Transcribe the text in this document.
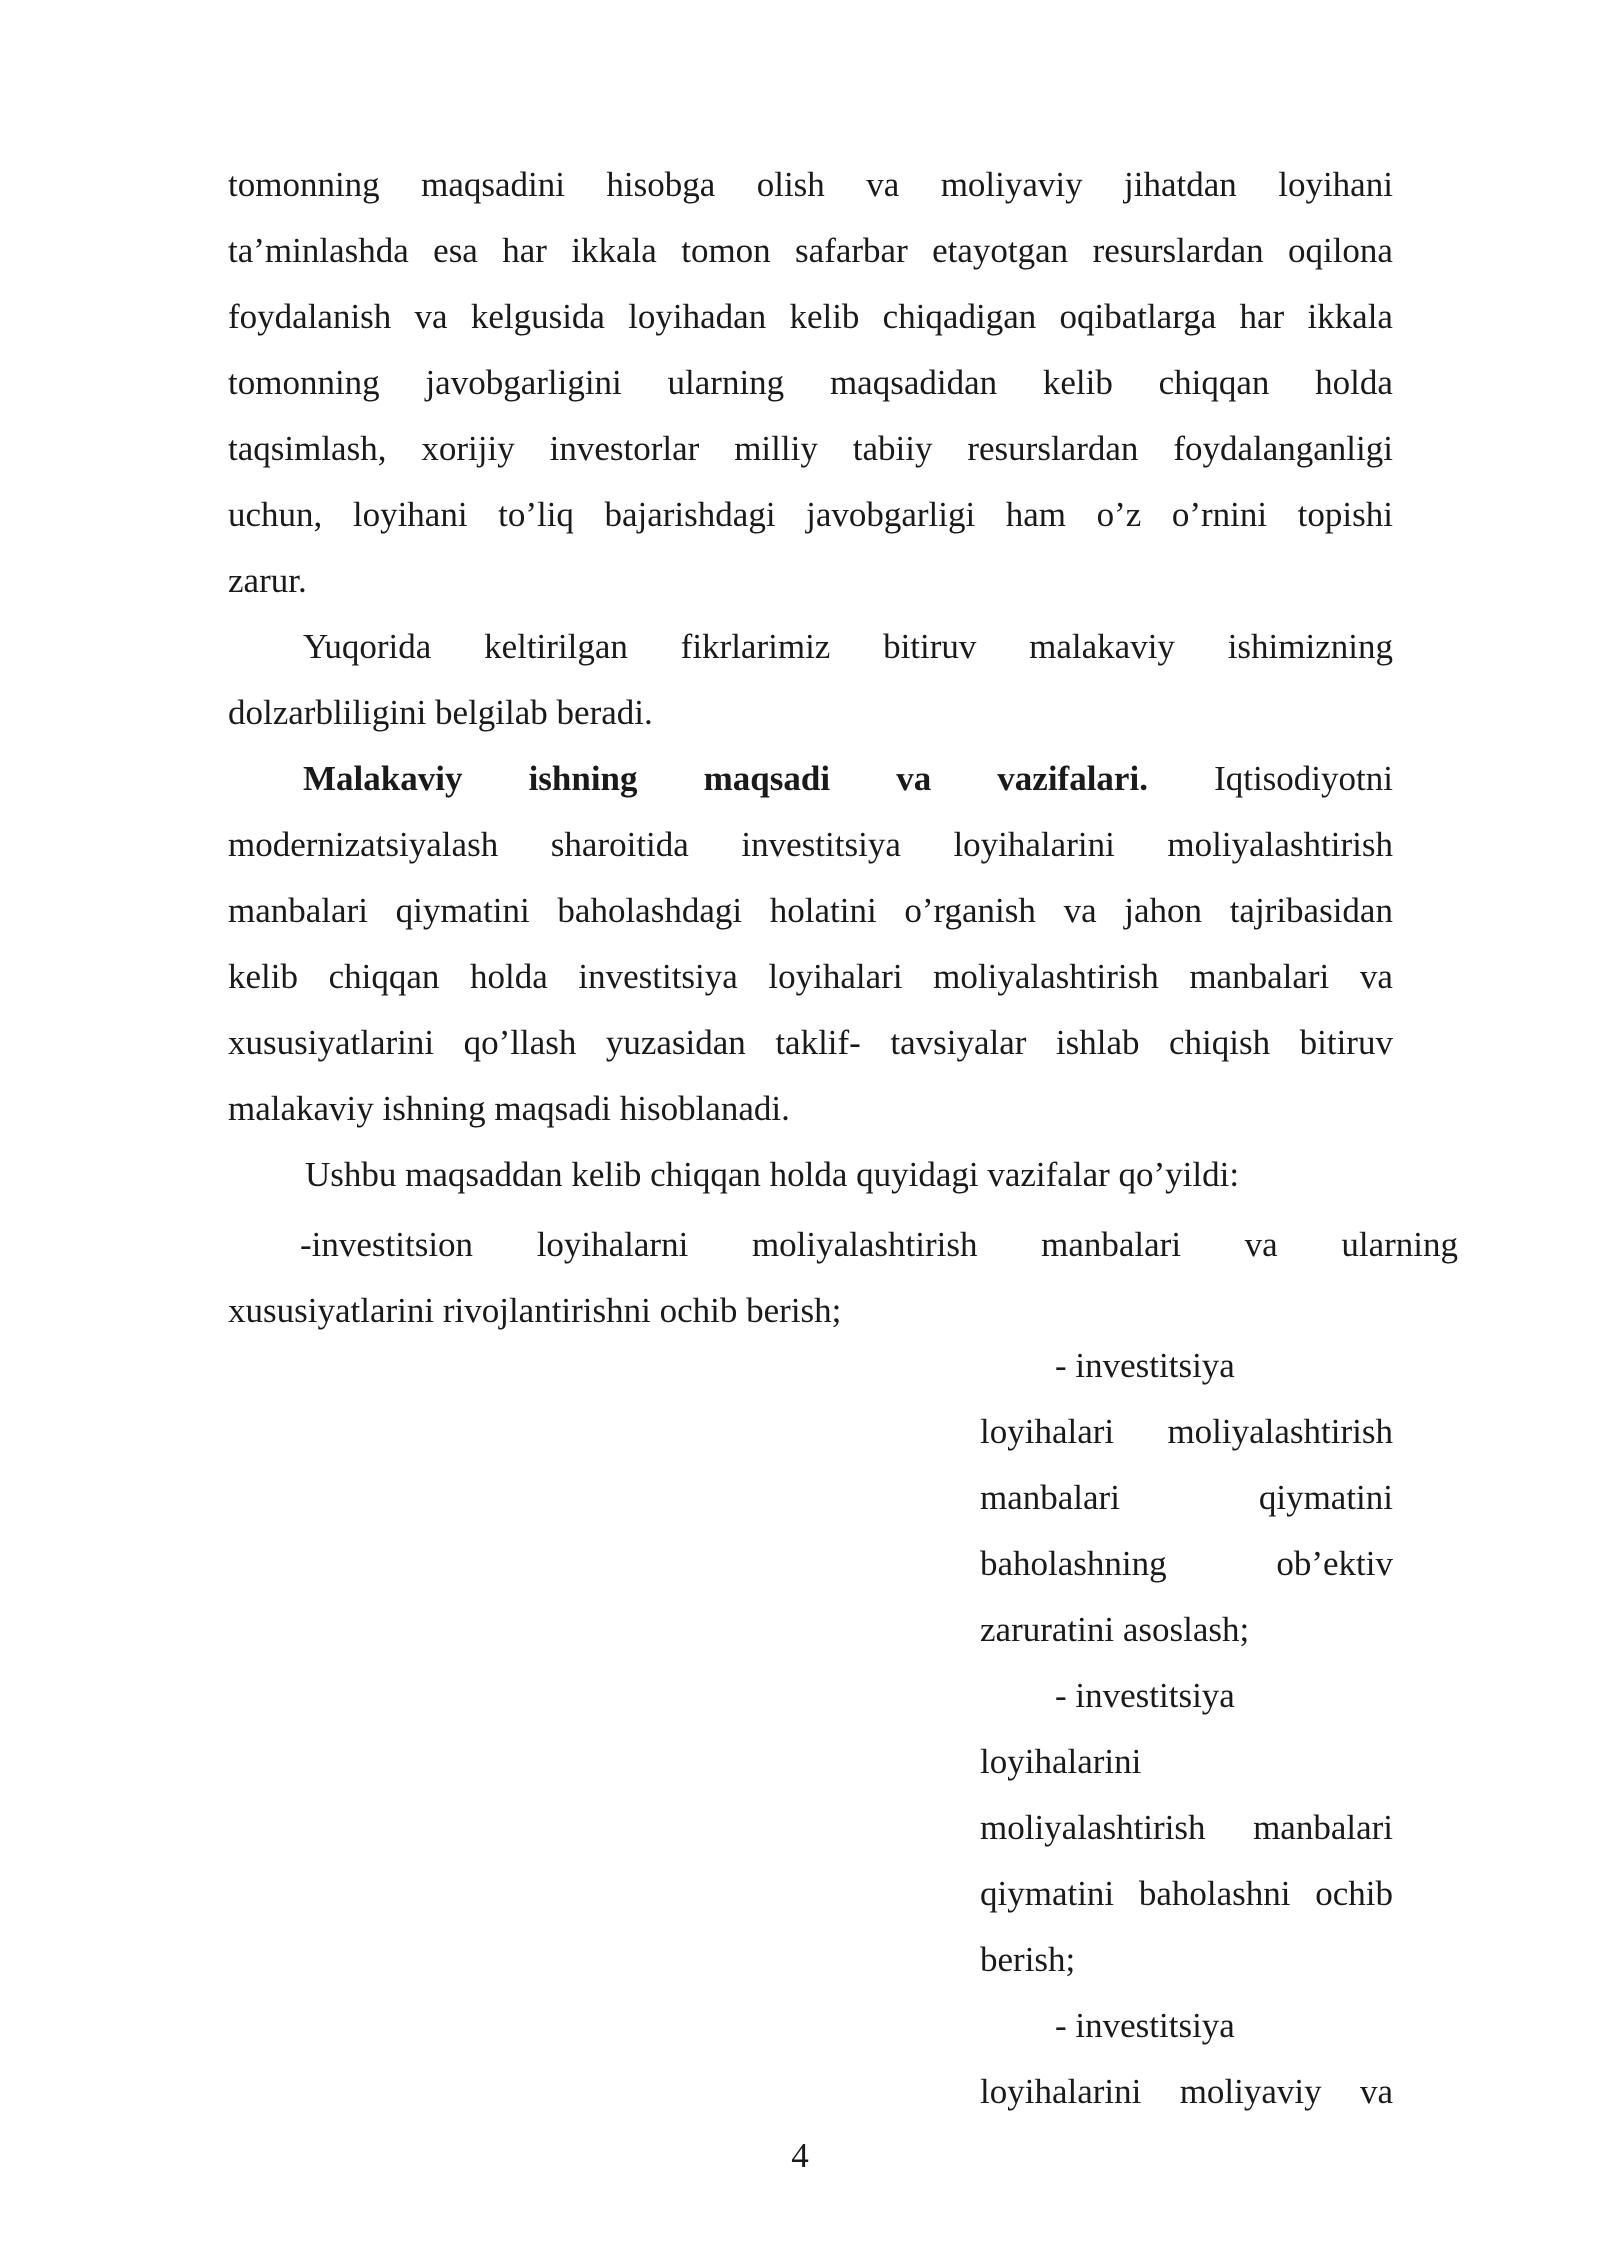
tomonning maqsadini hisobga olish va moliyaviy jihatdan loyihani
ta’minlashda esa har ikkala tomon safarbar etayotgan resurslardan oqilona
foydalanish va kelgusida loyihadan kelib chiqadigan oqibatlarga har ikkala
tomonning javobgarligini ularning maqsadidan kelib chiqqan holda
taqsimlash, xorijiy investorlar milliy tabiiy resurslardan foydalanganligi
uchun, loyihani to’liq bajarishdagi javobgarligi ham o’z o’rnini topishi
zarur.
Yuqorida keltirilgan fikrlarimiz bitiruv malakaviy ishimizning
dolzarbliligini belgilab beradi.
Malakaviy ishning maqsadi va vazifalari. Iqtisodiyotni
modernizatsiyalash sharoitida investitsiya loyihalarini moliyalashtirish
manbalari qiymatini baholashdagi holatini o’rganish va jahon tajribasidan
kelib chiqqan holda investitsiya loyihalari moliyalashtirish manbalari va
xususiyatlarini qo’llash yuzasidan taklif- tavsiyalar ishlab chiqish bitiruv
malakaviy ishning maqsadi hisoblanadi.
Ushbu maqsaddan kelib chiqqan holda quyidagi vazifalar qo’yildi:
-investitsion loyihalarni moliyalashtirish manbalari va ularning
xususiyatlarini rivojlantirishni ochib berish;
- investitsiya
loyihalari moliyalashtirish
manbalari	qiymatini
baholashning	ob’ektiv
zaruratini asoslash;
- investitsiya
loyihalarini
moliyalashtirish manbalari
qiymatini baholashni ochib
berish;
- investitsiya
loyihalarini moliyaviy va
4
